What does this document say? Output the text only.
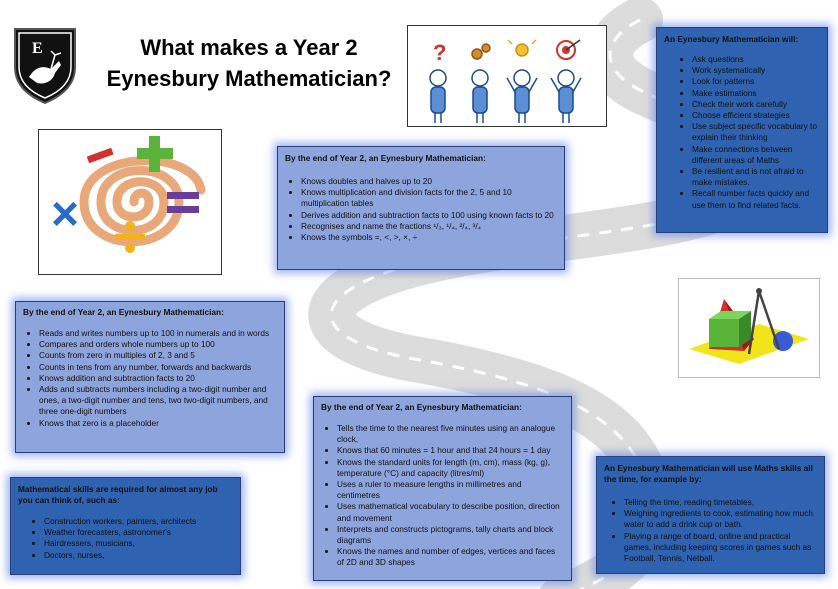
E	What makes a Year 2
Eynesbury Mathematician?
?
×
By the end of Year 2, an Eynesbury Mathematician:
• Knows doubles and halves up to 20
• Knows multiplication and division facts for the 2, 5 and 10 multiplication tables
• Derives addition and subtraction facts to 100 using known facts to 20
• Recognises and name the fractions ¹/₃, ¹/₄, ²/₄, ³/₄
• Knows the symbols =, <, >, ×, ÷
An Eynesbury Mathematician will:
• Ask questions
• Work systematically
• Look for patterns
• Make estimations
• Check their work carefully
• Choose efficient strategies
• Use subject specific vocabulary to explain their thinking
• Make connections between different areas of Maths
• Be resilient and is not afraid to make mistakes.
• Recall number facts quickly and use them to find related facts.
By the end of Year 2, an Eynesbury Mathematician:
• Reads and writes numbers up to 100 in numerals and in words
• Compares and orders whole numbers up to 100
• Counts from zero in multiples of 2, 3 and 5
• Counts in tens from any number, forwards and backwards
• Knows addition and subtraction facts to 20
• Adds and subtracts numbers including a two-digit number and ones, a two-digit number and tens, two two-digit numbers, and three one-digit numbers
• Knows that zero is a placeholder
By the end of Year 2, an Eynesbury Mathematician:
• Tells the time to the nearest five minutes using an analogue clock,
• Knows that 60 minutes = 1 hour and that 24 hours = 1 day
• Knows the standard units for length (m, cm), mass (kg, g), temperature (°C) and capacity (litres/ml)
• Uses a ruler to measure lengths in millimetres and centimetres
• Uses mathematical vocabulary to describe position, direction and movement
• Interprets and constructs pictograms, tally charts and block diagrams
• Knows the names and number of edges, vertices and faces of 2D and 3D shapes
Mathematical skills are required for almost any job you can think of, such as:
• Construction workers, painters, architects
• Weather forecasters, astronomer's
• Hairdressers, musicians,
• Doctors, nurses,
An Eynesbury Mathematician will use Maths skills all the time, for example by:
• Telling the time, reading timetables,
• Weighing ingredients to cook, estimating how much water to add a drink cup or bath.
• Playing a range of board, online and practical games, including keeping scores in games such as Football, Tennis, Netball.
